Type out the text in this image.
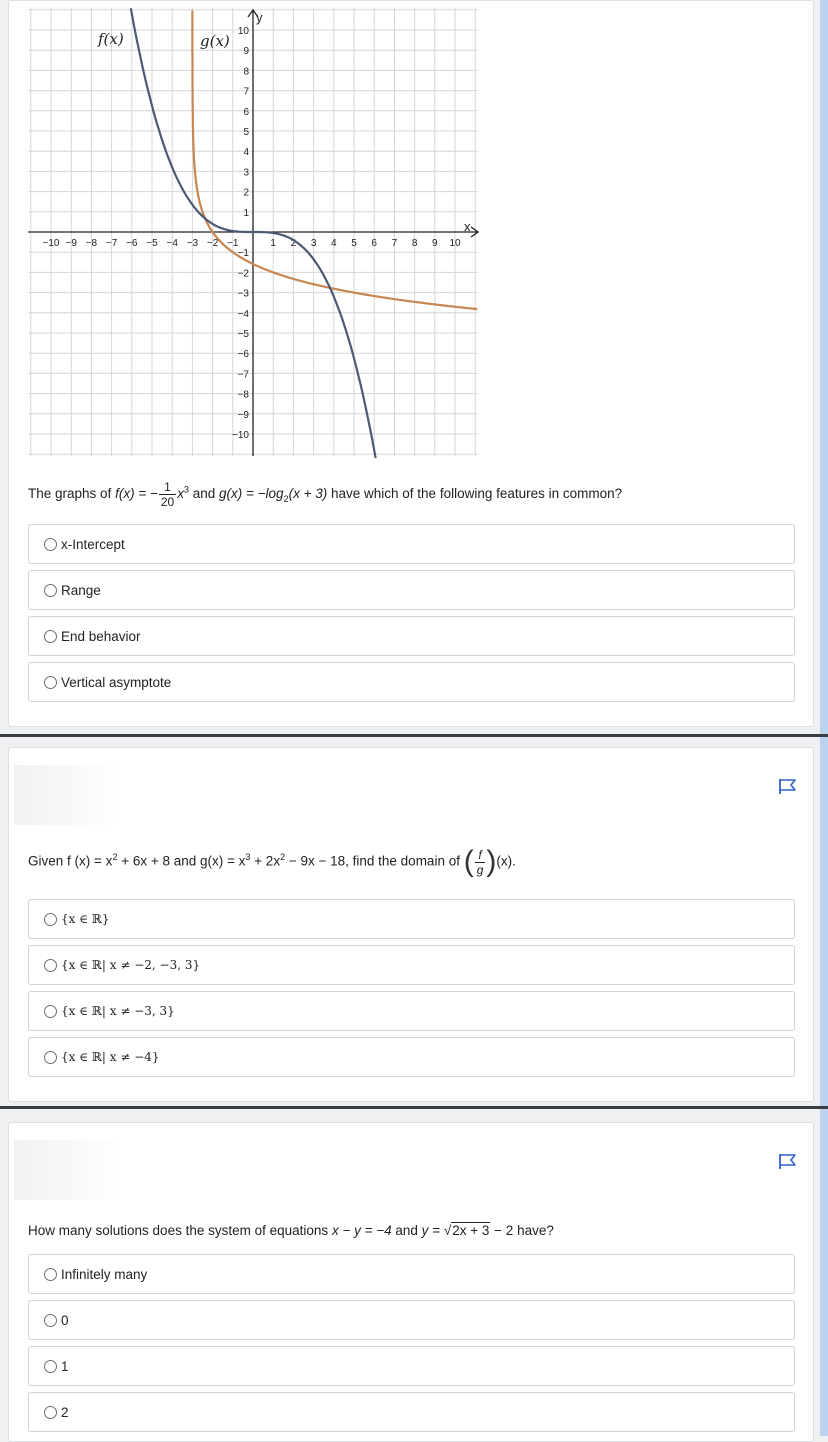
−10 −9 −8 −7 −6 −5 −4 −3 −2 −1	1 2 3 4 5 6 7 8 9 10
10
9
8
7
6
5
4
3
2
1
−1
−2
−3
−4
−5
−6
−7
−8
−9
−10
f(x)	g(x)
x
y
The graphs of f(x) = − $\frac{1}{20} x^3$ and $g(x) = -\log_2(x + 3)$ have which of the following features in common?
x-Intercept
Range
End behavior
Vertical asymptote
Given f $(x) = x^2 + 6x + 8$ and $g(x) = x^3 + 2x^2 - 9x - 18$, find the domain of ( $\frac{f}{g} )(x)$.
{x ∈ ℝ}
{x ∈ ℝ| x ≠ −2, −3, 3}
{x ∈ ℝ| x ≠ −3, 3}
{x ∈ ℝ| x ≠ −4}
How many solutions does the system of equations x − y = −4 and y = √2x + 3 − 2 have?
Infinitely many
0
1
2
